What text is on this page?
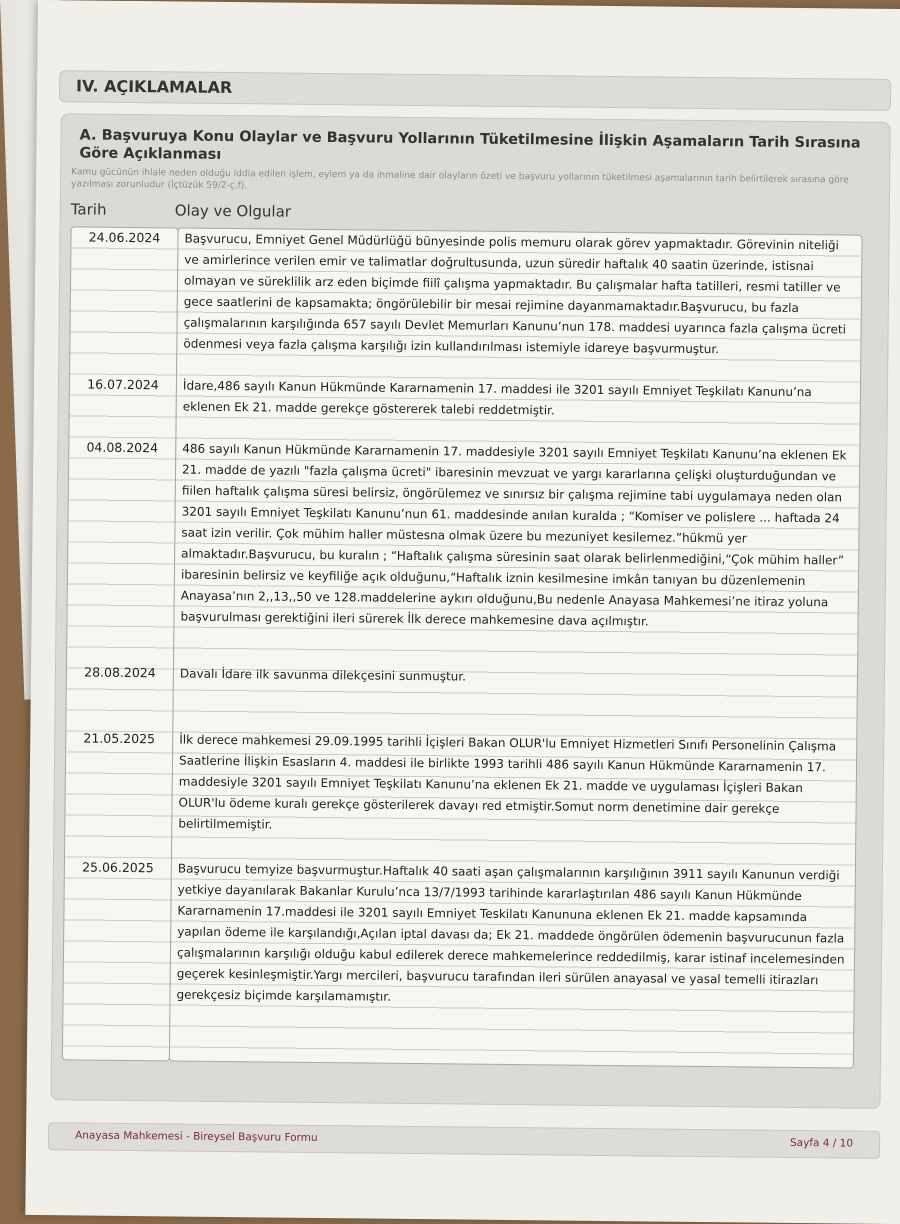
IV. AÇIKLAMALAR
A. Başvuruya Konu Olaylar ve Başvuru Yollarının Tüketilmesine İlişkin Aşamaların Tarih Sırasına Göre Açıklanması
Kamu gücünün ihlale neden olduğu iddia edilen işlem, eylem ya da ihmaline dair olayların özeti ve başvuru yollarının tüketilmesi aşamalarının tarih belirtilerek sırasına göre yazılması zorunludur (İçtüzük 59/2-ç,f).
Tarih	Olay ve Olgular
24.06.2024
16.07.2024
04.08.2024
28.08.2024
21.05.2025
25.06.2025
Başvurucu, Emniyet Genel Müdürlüğü bünyesinde polis memuru olarak görev yapmaktadır. Görevinin niteliği ve amirlerince verilen emir ve talimatlar doğrultusunda, uzun süredir haftalık 40 saatin üzerinde, istisnai olmayan ve süreklilik arz eden biçimde fiilî çalışma yapmaktadır. Bu çalışmalar hafta tatilleri, resmi tatiller ve gece saatlerini de kapsamakta; öngörülebilir bir mesai rejimine dayanmamaktadır.Başvurucu, bu fazla çalışmalarının karşılığında 657 sayılı Devlet Memurları Kanunu’nun 178. maddesi uyarınca fazla çalışma ücreti ödenmesi veya fazla çalışma karşılığı izin kullandırılması istemiyle idareye başvurmuştur.
İdare,486 sayılı Kanun Hükmünde Kararnamenin 17. maddesi ile 3201 sayılı Emniyet Teşkilatı Kanunu’na eklenen Ek 21. madde gerekçe göstererek talebi reddetmiştir.
486 sayılı Kanun Hükmünde Kararnamenin 17. maddesiyle 3201 sayılı Emniyet Teşkilatı Kanunu’na eklenen Ek 21. madde de yazılı "fazla çalışma ücreti" ibaresinin mevzuat ve yargı kararlarına çelişki oluşturduğundan ve fiilen haftalık çalışma süresi belirsiz, öngörülemez ve sınırsız bir çalışma rejimine tabi uygulamaya neden olan 3201 sayılı Emniyet Teşkilatı Kanunu’nun 61. maddesinde anılan kuralda ; “Komiser ve polislere ... haftada 24 saat izin verilir. Çok mühim haller müstesna olmak üzere bu mezuniyet kesilemez.”hükmü yer almaktadır.Başvurucu, bu kuralın ; “Haftalık çalışma süresinin saat olarak belirlenmediğini,“Çok mühim haller” ibaresinin belirsiz ve keyfiliğe açık olduğunu,“Haftalık iznin kesilmesine imkân tanıyan bu düzenlemenin Anayasa’nın 2,,13,,50 ve 128.maddelerine aykırı olduğunu,Bu nedenle Anayasa Mahkemesi’ne itiraz yoluna başvurulması gerektiğini ileri sürerek İlk derece mahkemesine dava açılmıştır.
Davalı İdare ilk savunma dilekçesini sunmuştur.
İlk derece mahkemesi 29.09.1995 tarihli İçişleri Bakan OLUR'lu Emniyet Hizmetleri Sınıfı Personelinin Çalışma Saatlerine İlişkin Esasların 4. maddesi ile birlikte 1993 tarihli 486 sayılı Kanun Hükmünde Kararnamenin 17. maddesiyle 3201 sayılı Emniyet Teşkilatı Kanunu’na eklenen Ek 21. madde ve uygulaması İçişleri Bakan OLUR'lu ödeme kuralı gerekçe gösterilerek davayı red etmiştir.Somut norm denetimine dair gerekçe belirtilmemiştir.
Başvurucu temyize başvurmuştur.Haftalık 40 saati aşan çalışmalarının karşılığının 3911 sayılı Kanunun verdiği yetkiye dayanılarak Bakanlar Kurulu’nca 13/7/1993 tarihinde kararlaştırılan 486 sayılı Kanun Hükmünde Kararnamenin 17.maddesi ile 3201 sayılı Emniyet Teskilatı Kanununa eklenen Ek 21. madde kapsamında yapılan ödeme ile karşılandığı,Açılan iptal davası da; Ek 21. maddede öngörülen ödemenin başvurucunun fazla çalışmalarının karşılığı olduğu kabul edilerek derece mahkemelerince reddedilmiş, karar istinaf incelemesinden geçerek kesinleşmiştir.Yargı mercileri, başvurucu tarafından ileri sürülen anayasal ve yasal temelli itirazları gerekçesiz biçimde karşılamamıştır.
Anayasa Mahkemesi - Bireysel Başvuru Formu	Sayfa 4 / 10
